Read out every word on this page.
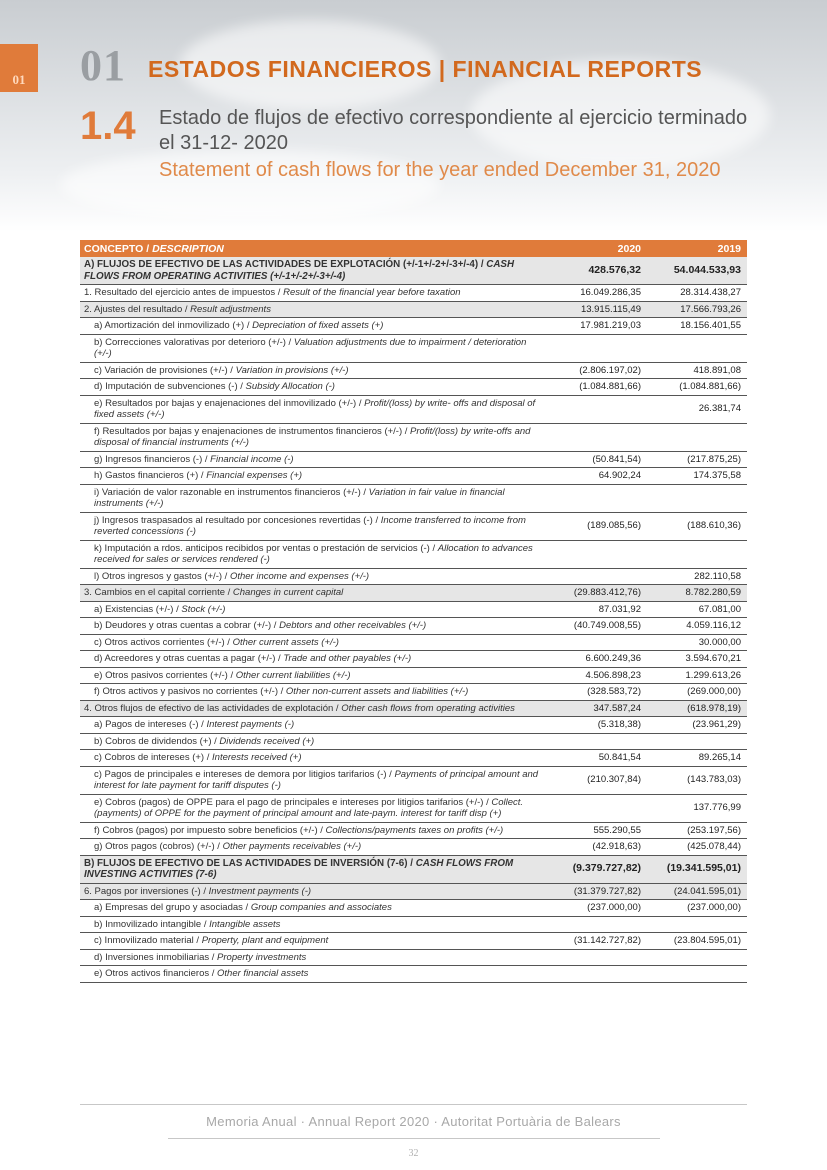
01 01 ESTADOS FINANCIEROS | FINANCIAL REPORTS
1.4 Estado de flujos de efectivo correspondiente al ejercicio terminado el 31-12- 2020
Statement of cash flows for the year ended December 31, 2020
CONCEPTO / DESCRIPTION	2020	2019
A) FLUJOS DE EFECTIVO DE LAS ACTIVIDADES DE EXPLOTACIÓN (+/-1+/-2+/-3+/-4) / CASH FLOWS FROM OPERATING ACTIVITIES (+/-1+/-2+/-3+/-4)	428.576,32	54.044.533,93
1. Resultado del ejercicio antes de impuestos / Result of the financial year before taxation	16.049.286,35	28.314.438,27
2. Ajustes del resultado / Result adjustments	13.915.115,49	17.566.793,26
a) Amortización del inmovilizado (+) / Depreciation of fixed assets (+)	17.981.219,03	18.156.401,55
b) Correcciones valorativas por deterioro (+/-) / Valuation adjustments due to impairment / deterioration (+/-)		
c) Variación de provisiones (+/-) / Variation in provisions (+/-)	(2.806.197,02)	418.891,08
d) Imputación de subvenciones (-) / Subsidy Allocation (-)	(1.084.881,66)	(1.084.881,66)
e) Resultados por bajas y enajenaciones del inmovilizado (+/-) / Profit/(loss) by write- offs and disposal of fixed assets (+/-)		26.381,74
f) Resultados por bajas y enajenaciones de instrumentos financieros (+/-) / Profit/(loss) by write-offs and disposal of financial instruments (+/-)		
g) Ingresos financieros (-) / Financial income (-)	(50.841,54)	(217.875,25)
h) Gastos financieros (+) / Financial expenses (+)	64.902,24	174.375,58
i) Variación de valor razonable en instrumentos financieros (+/-) / Variation in fair value in financial instruments (+/-)		
j) Ingresos traspasados al resultado por concesiones revertidas (-) / Income transferred to income from reverted concessions (-)	(189.085,56)	(188.610,36)
k) Imputación a rdos. anticipos recibidos por ventas o prestación de servicios (-) / Allocation to advances received for sales or services rendered (-)		
l) Otros ingresos y gastos (+/-) / Other income and expenses (+/-)		282.110,58
3. Cambios en el capital corriente / Changes in current capital	(29.883.412,76)	8.782.280,59
a) Existencias (+/-) / Stock (+/-)	87.031,92	67.081,00
b) Deudores y otras cuentas a cobrar (+/-) / Debtors and other receivables (+/-)	(40.749.008,55)	4.059.116,12
c) Otros activos corrientes (+/-) / Other current assets (+/-)		30.000,00
d) Acreedores y otras cuentas a pagar (+/-) / Trade and other payables (+/-)	6.600.249,36	3.594.670,21
e) Otros pasivos corrientes (+/-) / Other current liabilities (+/-)	4.506.898,23	1.299.613,26
f) Otros activos y pasivos no corrientes (+/-) / Other non-current assets and liabilities (+/-)	(328.583,72)	(269.000,00)
4. Otros flujos de efectivo de las actividades de explotación / Other cash flows from operating activities	347.587,24	(618.978,19)
a) Pagos de intereses (-) / Interest payments (-)	(5.318,38)	(23.961,29)
b) Cobros de dividendos (+) / Dividends received (+)		
c) Cobros de intereses (+) / Interests received (+)	50.841,54	89.265,14
c) Pagos de principales e intereses de demora por litigios tarifarios (-) / Payments of principal amount and interest for late payment for tariff disputes (-)	(210.307,84)	(143.783,03)
e) Cobros (pagos) de OPPE para el pago de principales e intereses por litigios tarifarios (+/-) / Collect.(payments) of OPPE for the payment of principal amount and late-paym. interest for tariff disp (+)		137.776,99
f) Cobros (pagos) por impuesto sobre beneficios (+/-) / Collections/payments taxes on profits (+/-)	555.290,55	(253.197,56)
g) Otros pagos (cobros) (+/-) / Other payments receivables (+/-)	(42.918,63)	(425.078,44)
B) FLUJOS DE EFECTIVO DE LAS ACTIVIDADES DE INVERSIÓN (7-6) / CASH FLOWS FROM INVESTING ACTIVITIES (7-6)	(9.379.727,82)	(19.341.595,01)
6. Pagos por inversiones (-) / Investment payments (-)	(31.379.727,82)	(24.041.595,01)
a) Empresas del grupo y asociadas / Group companies and associates	(237.000,00)	(237.000,00)
b) Inmovilizado intangible / Intangible assets		
c) Inmovilizado material / Property, plant and equipment	(31.142.727,82)	(23.804.595,01)
d) Inversiones inmobiliarias / Property investments		
e) Otros activos financieros / Other financial assets		
Memoria Anual · Annual Report 2020 · Autoritat Portuària de Balears
32
